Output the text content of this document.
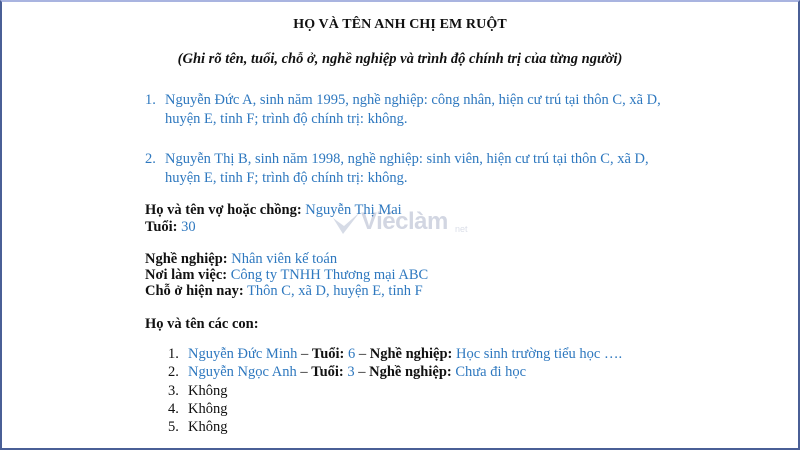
HỌ VÀ TÊN ANH CHỊ EM RUỘT
(Ghi rõ tên, tuổi, chỗ ở, nghề nghiệp và trình độ chính trị của từng người)
1. Nguyễn Đức A, sinh năm 1995, nghề nghiệp: công nhân, hiện cư trú tại thôn C, xã D,
huyện E, tỉnh F; trình độ chính trị: không.
2. Nguyễn Thị B, sinh năm 1998, nghề nghiệp: sinh viên, hiện cư trú tại thôn C, xã D,
huyện E, tỉnh F; trình độ chính trị: không.
Họ và tên vợ hoặc chồng: Nguyễn Thị Mai
Tuổi: 30
Nghề nghiệp: Nhân viên kế toán
Nơi làm việc: Công ty TNHH Thương mại ABC
Chỗ ở hiện nay: Thôn C, xã D, huyện E, tỉnh F
Họ và tên các con:
1. Nguyễn Đức Minh – Tuổi: 6 – Nghề nghiệp: Học sinh trường tiểu học ….
2. Nguyễn Ngọc Anh – Tuổi: 3 – Nghề nghiệp: Chưa đi học
3. Không
4. Không
5. Không
Viéclàm net
